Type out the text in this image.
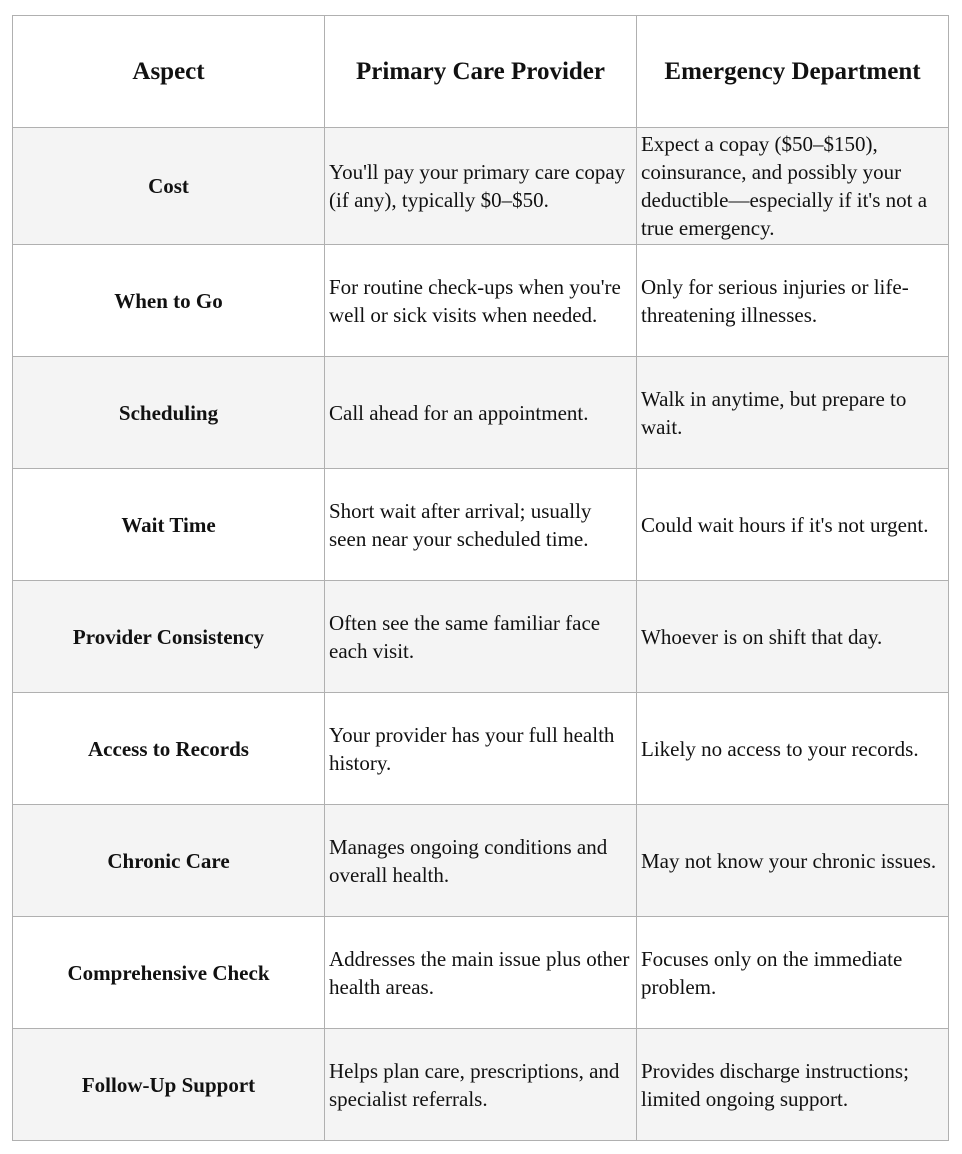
Aspect	Primary Care Provider	Emergency Department
Cost	You'll pay your primary care copay (if any), typically $0–$50.	Expect a copay ($50–$150), coinsurance, and possibly your deductible—especially if it's not a true emergency.
When to Go	For routine check-ups when you're well or sick visits when needed.	Only for serious injuries or life-threatening illnesses.
Scheduling	Call ahead for an appointment.	Walk in anytime, but prepare to wait.
Wait Time	Short wait after arrival; usually seen near your scheduled time.	Could wait hours if it's not urgent.
Provider Consistency	Often see the same familiar face each visit.	Whoever is on shift that day.
Access to Records	Your provider has your full health history.	Likely no access to your records.
Chronic Care	Manages ongoing conditions and overall health.	May not know your chronic issues.
Comprehensive Check	Addresses the main issue plus other health areas.	Focuses only on the immediate problem.
Follow-Up Support	Helps plan care, prescriptions, and specialist referrals.	Provides discharge instructions; limited ongoing support.
